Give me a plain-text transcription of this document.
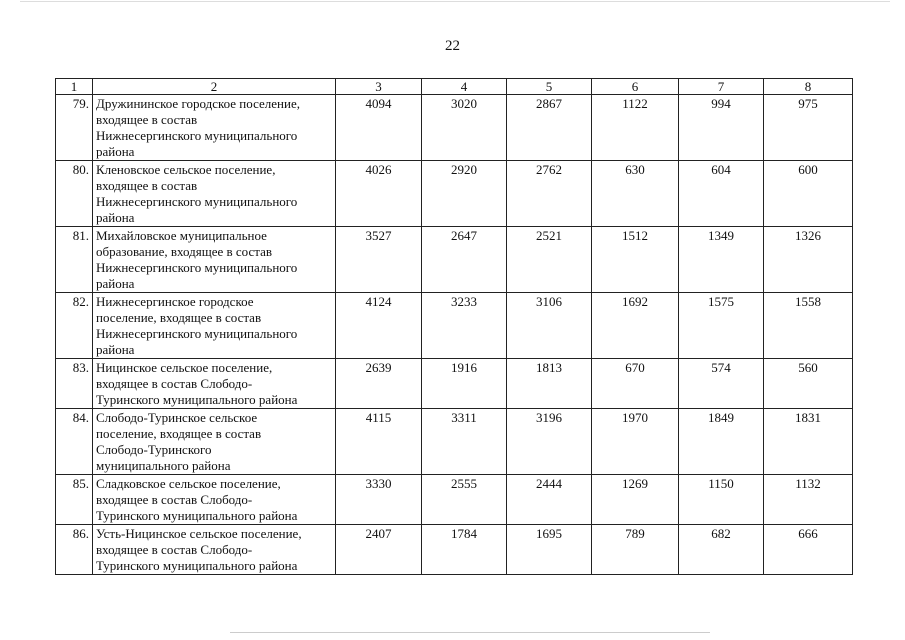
22
1	2	3	4	5	6	7	8
79.	Дружининское городское поселение,
входящее в состав
Нижнесергинского муниципального
района	4094	3020	2867	1122	994	975
80.	Кленовское сельское поселение,
входящее в состав
Нижнесергинского муниципального
района	4026	2920	2762	630	604	600
81.	Михайловское муниципальное
образование, входящее в состав
Нижнесергинского муниципального
района	3527	2647	2521	1512	1349	1326
82.	Нижнесергинское городское
поселение, входящее в состав
Нижнесергинского муниципального
района	4124	3233	3106	1692	1575	1558
83.	Ницинское сельское поселение,
входящее в состав Слободо-
Туринского муниципального района	2639	1916	1813	670	574	560
84.	Слободо-Туринское сельское
поселение, входящее в состав
Слободо-Туринского
муниципального района	4115	3311	3196	1970	1849	1831
85.	Сладковское сельское поселение,
входящее в состав Слободо-
Туринского муниципального района	3330	2555	2444	1269	1150	1132
86.	Усть-Ницинское сельское поселение,
входящее в состав Слободо-
Туринского муниципального района	2407	1784	1695	789	682	666
